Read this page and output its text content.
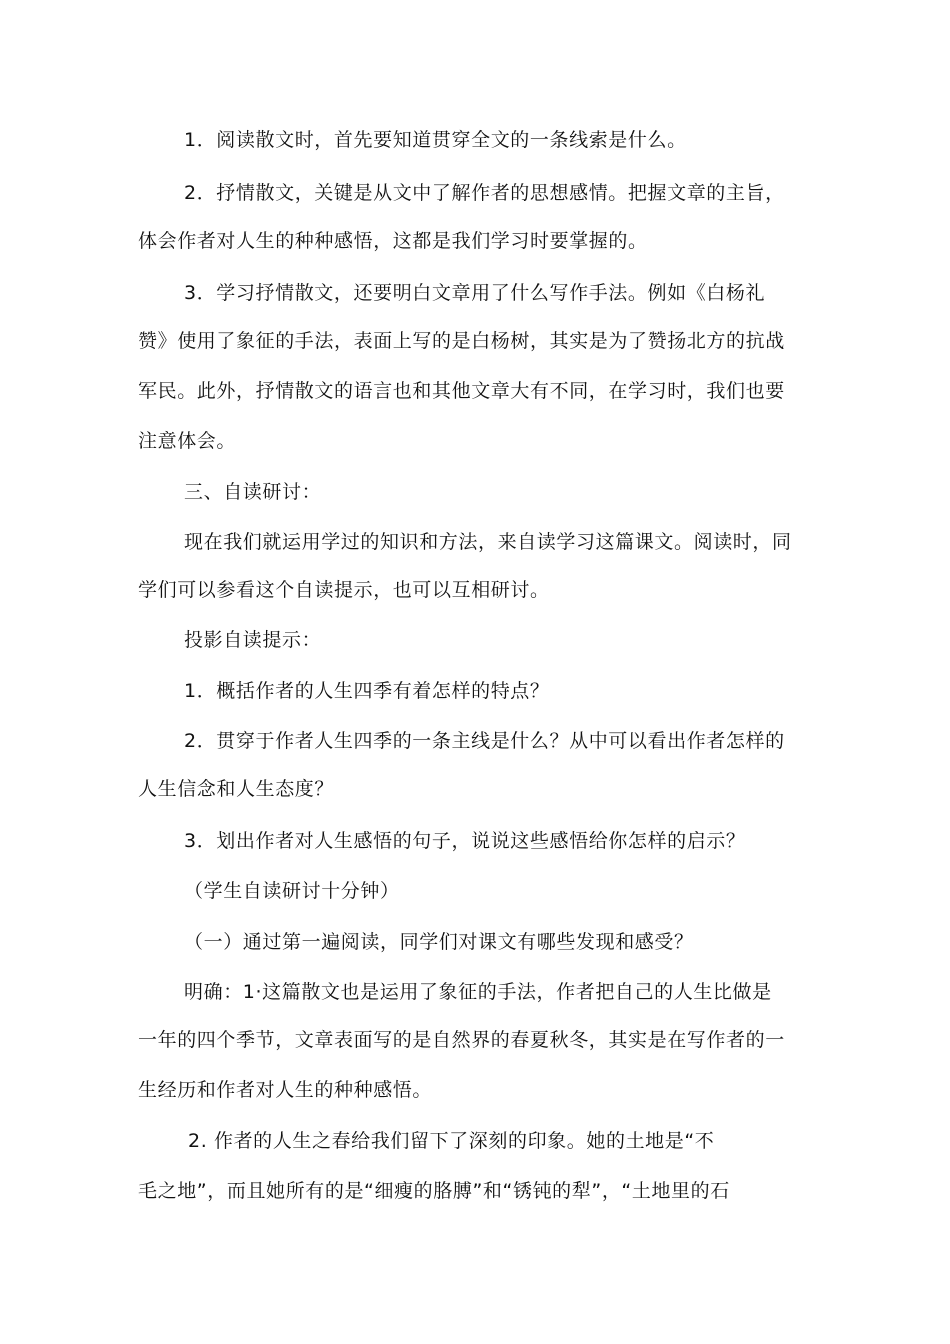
1．阅读散文时，首先要知道贯穿全文的一条线索是什么。
2．抒情散文，关键是从文中了解作者的思想感情。把握文章的主旨，
体会作者对人生的种种感悟，这都是我们学习时要掌握的。
3．学习抒情散文，还要明白文章用了什么写作手法。例如《白杨礼
赞》使用了象征的手法，表面上写的是白杨树，其实是为了赞扬北方的抗战
军民。此外，抒情散文的语言也和其他文章大有不同，在学习时，我们也要
注意体会。
三、自读研讨：
现在我们就运用学过的知识和方法，来自读学习这篇课文。阅读时，同
学们可以参看这个自读提示，也可以互相研讨。
投影自读提示：
1．概括作者的人生四季有着怎样的特点？
2．贯穿于作者人生四季的一条主线是什么？从中可以看出作者怎样的
人生信念和人生态度？
3．划出作者对人生感悟的句子，说说这些感悟给你怎样的启示？
（学生自读研讨十分钟）
（一）通过第一遍阅读，同学们对课文有哪些发现和感受？
明确：1·这篇散文也是运用了象征的手法，作者把自己的人生比做是
一年的四个季节，文章表面写的是自然界的春夏秋冬，其实是在写作者的一
生经历和作者对人生的种种感悟。
2. 作者的人生之春给我们留下了深刻的印象。她的土地是“不
毛之地”，而且她所有的是“细瘦的胳膊”和“锈钝的犁”，“土地里的石
